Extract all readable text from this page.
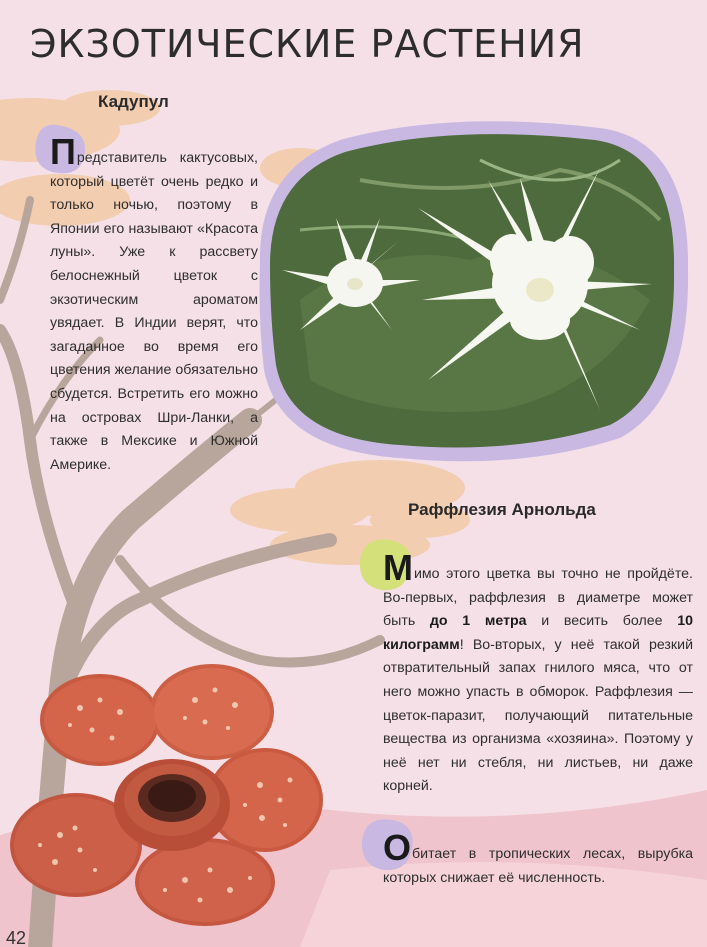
ЭКЗОТИЧЕСКИЕ РАСТЕНИЯ
Кадупул

Представитель кактусовых, который цветёт очень редко и только ночью, поэтому в Японии его называют «Красота луны». Уже к рассвету белоснежный цветок с экзотическим ароматом увядает. В Индии верят, что загаданное во время его цветения желание обязательно сбудется. Встретить его можно на островах Шри-Ланки, а также в Мексике и Южной Америке.

Раффлезия Арнольда

Мимо этого цветка вы точно не пройдёте. Во-первых, раффлезия в диаметре может быть до 1 метра и весить более 10 килограмм! Во-вторых, у неё такой резкий отвратительный запах гнилого мяса, что от него можно упасть в обморок. Раффлезия — цветок-паразит, получающий питательные вещества из организма «хозяина». Поэтому у неё нет ни стебля, ни листьев, ни даже корней.

Обитает в тропических лесах, вырубка которых снижает её численность.

42
